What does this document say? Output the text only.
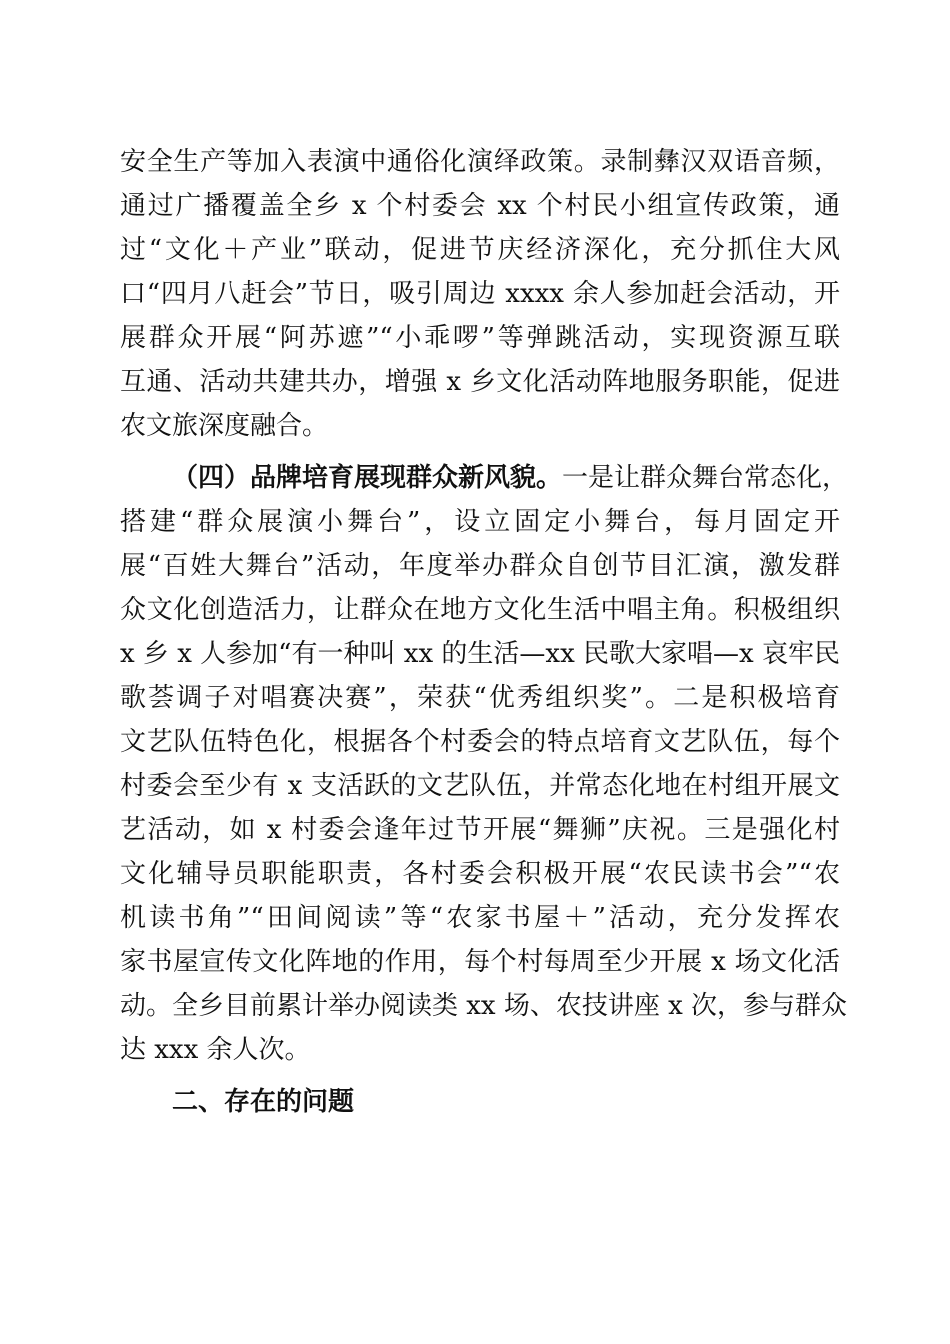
安全生产等加入表演中通俗化演绎政策。录制彝汉双语音频，
通过广播覆盖全乡 x 个村委会 xx 个村民小组宣传政策，通
过“文化＋产业”联动，促进节庆经济深化，充分抓住大风
口“四月八赶会”节日，吸引周边 xxxx 余人参加赶会活动，开
展群众开展“阿苏遮”“小乖啰”等弹跳活动，实现资源互联
互通、活动共建共办，增强 x 乡文化活动阵地服务职能，促进
农文旅深度融合。
（四）品牌培育展现群众新风貌。一是让群众舞台常态化，
搭建“群众展演小舞台”，设立固定小舞台，每月固定开
展“百姓大舞台”活动，年度举办群众自创节目汇演，激发群
众文化创造活力，让群众在地方文化生活中唱主角。积极组织
x 乡 x 人参加“有一种叫 xx 的生活—xx 民歌大家唱—x 哀牢民
歌荟调子对唱赛决赛”，荣获“优秀组织奖”。二是积极培育
文艺队伍特色化，根据各个村委会的特点培育文艺队伍，每个
村委会至少有 x 支活跃的文艺队伍，并常态化地在村组开展文
艺活动，如 x 村委会逢年过节开展“舞狮”庆祝。三是强化村
文化辅导员职能职责，各村委会积极开展“农民读书会”“农
机读书角”“田间阅读”等“农家书屋＋”活动，充分发挥农
家书屋宣传文化阵地的作用，每个村每周至少开展 x 场文化活
动。全乡目前累计举办阅读类 xx 场、农技讲座 x 次，参与群众
达 xxx 余人次。
二、存在的问题
